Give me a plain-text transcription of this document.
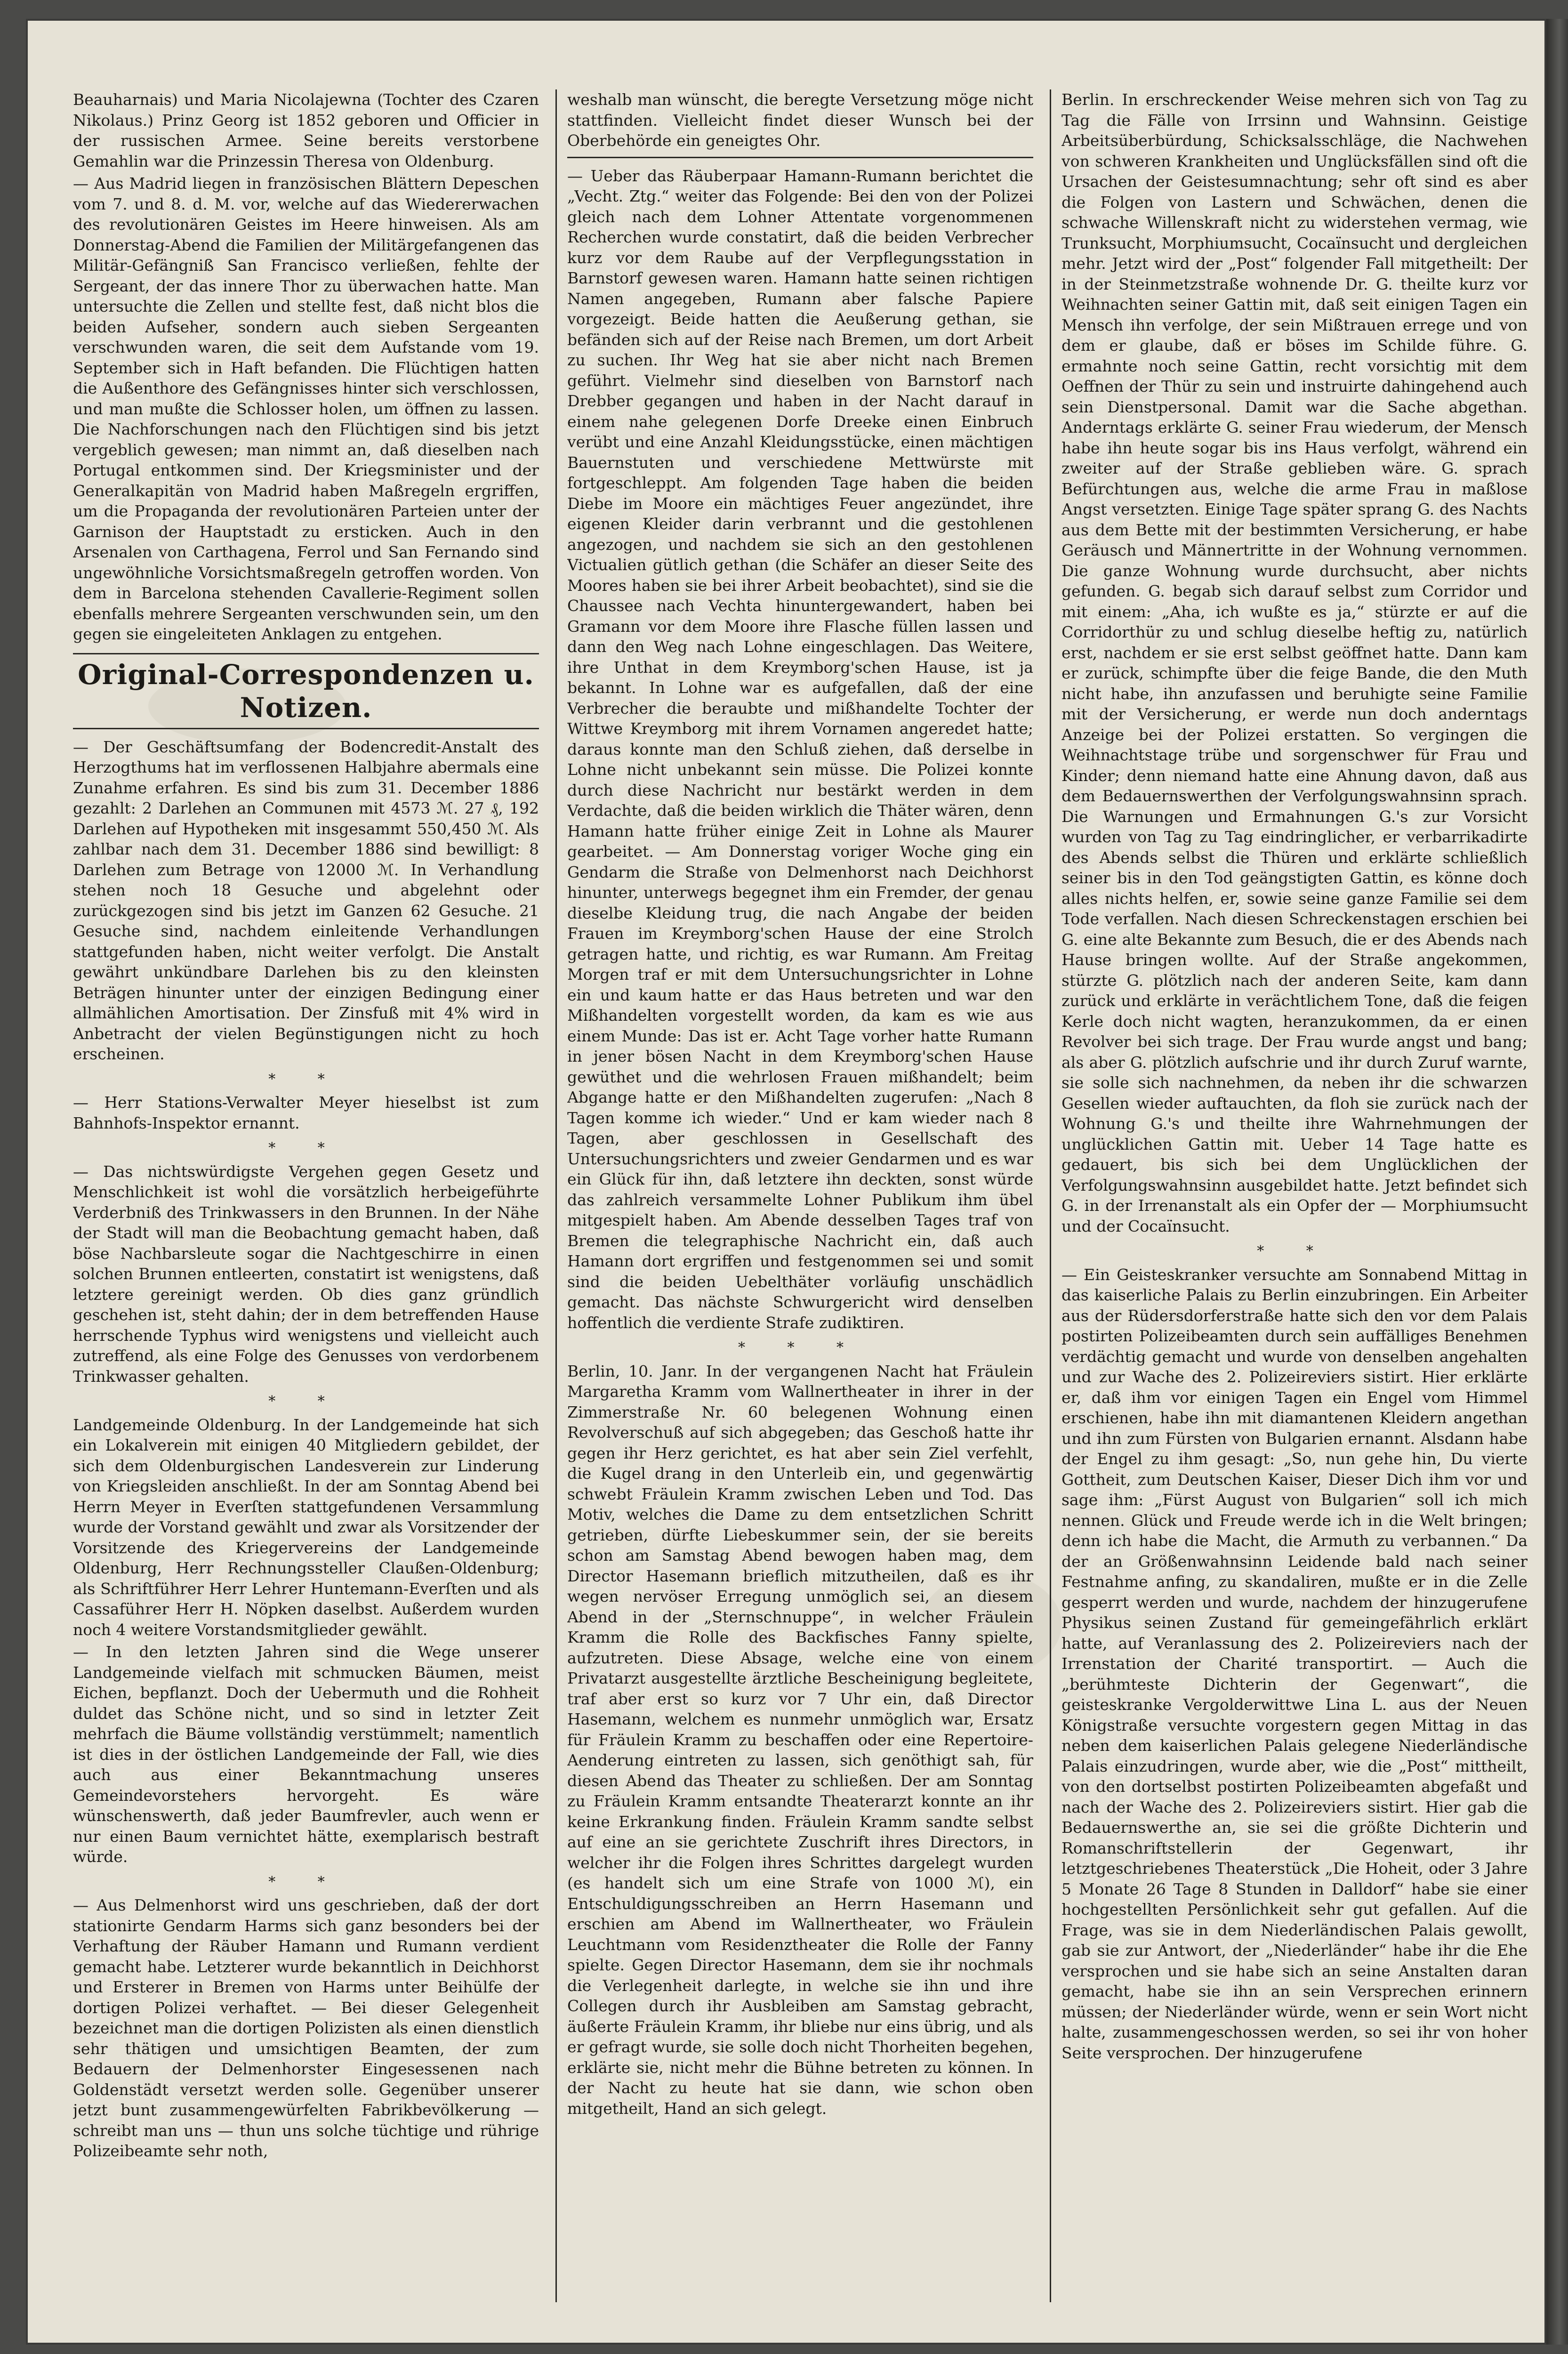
Beauharnais) und Maria Nicolajewna (Tochter des Czaren Nikolaus.) Prinz Georg ist 1852 geboren und Officier in der russischen Armee. Seine bereits verstorbene Gemahlin war die Prinzessin Theresa von Oldenburg.

— Aus Madrid liegen in französischen Blättern Depeschen vom 7. und 8. d. M. vor, welche auf das Wiedererwachen des revolutionären Geistes im Heere hinweisen. Als am Donnerstag-Abend die Familien der Militärgefangenen das Militär-Gefängniß San Francisco verließen, fehlte der Sergeant, der das innere Thor zu überwachen hatte. Man untersuchte die Zellen und stellte fest, daß nicht blos die beiden Aufseher, sondern auch sieben Sergeanten verschwunden waren, die seit dem Aufstande vom 19. September sich in Haft befanden. Die Flüchtigen hatten die Außenthore des Gefängnisses hinter sich verschlossen, und man mußte die Schlosser holen, um öffnen zu lassen. Die Nachforschungen nach den Flüchtigen sind bis jetzt vergeblich gewesen; man nimmt an, daß dieselben nach Portugal entkommen sind. Der Kriegsminister und der Generalkapitän von Madrid haben Maßregeln ergriffen, um die Propaganda der revolutionären Parteien unter der Garnison der Hauptstadt zu ersticken. Auch in den Arsenalen von Carthagena, Ferrol und San Fernando sind ungewöhnliche Vorsichtsmaßregeln getroffen worden. Von dem in Barcelona stehenden Cavallerie-Regiment sollen ebenfalls mehrere Sergeanten verschwunden sein, um den gegen sie eingeleiteten Anklagen zu entgehen.

Original-Correspondenzen u. Notizen.

— Der Geschäftsumfang der Bodencredit-Anstalt des Herzogthums hat im verflossenen Halbjahre abermals eine Zunahme erfahren. Es sind bis zum 31. December 1886 gezahlt: 2 Darlehen an Communen mit 4573 ℳ. 27 ₰, 192 Darlehen auf Hypotheken mit insgesammt 550,450 ℳ. Als zahlbar nach dem 31. December 1886 sind bewilligt: 8 Darlehen zum Betrage von 12000 ℳ. In Verhandlung stehen noch 18 Gesuche und abgelehnt oder zurückgezogen sind bis jetzt im Ganzen 62 Gesuche. 21 Gesuche sind, nachdem einleitende Verhandlungen stattgefunden haben, nicht weiter verfolgt. Die Anstalt gewährt unkündbare Darlehen bis zu den kleinsten Beträgen hinunter unter der einzigen Bedingung einer allmählichen Amortisation. Der Zinsfuß mit 4% wird in Anbetracht der vielen Begünstigungen nicht zu hoch erscheinen.

* *

— Herr Stations-Verwalter Meyer hieselbst ist zum Bahnhofs-Inspektor ernannt.

* *

— Das nichtswürdigste Vergehen gegen Gesetz und Menschlichkeit ist wohl die vorsätzlich herbeigeführte Verderbniß des Trinkwassers in den Brunnen. In der Nähe der Stadt will man die Beobachtung gemacht haben, daß böse Nachbarsleute sogar die Nachtgeschirre in einen solchen Brunnen entleerten, constatirt ist wenigstens, daß letztere gereinigt werden. Ob dies ganz gründlich geschehen ist, steht dahin; der in dem betreffenden Hause herrschende Typhus wird wenigstens und vielleicht auch zutreffend, als eine Folge des Genusses von verdorbenem Trinkwasser gehalten.

* *

Landgemeinde Oldenburg. In der Landgemeinde hat sich ein Lokalverein mit einigen 40 Mitgliedern gebildet, der sich dem Oldenburgischen Landesverein zur Linderung von Kriegsleiden anschließt. In der am Sonntag Abend bei Herrn Meyer in Everſten stattgefundenen Versammlung wurde der Vorstand gewählt und zwar als Vorsitzender der Vorsitzende des Kriegervereins der Landgemeinde Oldenburg, Herr Rechnungssteller Claußen-Oldenburg; als Schriftführer Herr Lehrer Huntemann-Everſten und als Cassaführer Herr H. Nöpken daselbst. Außerdem wurden noch 4 weitere Vorstandsmitglieder gewählt.

— In den letzten Jahren sind die Wege unserer Landgemeinde vielfach mit schmucken Bäumen, meist Eichen, bepflanzt. Doch der Uebermuth und die Rohheit duldet das Schöne nicht, und so sind in letzter Zeit mehrfach die Bäume vollständig verstümmelt; namentlich ist dies in der östlichen Landgemeinde der Fall, wie dies auch aus einer Bekanntmachung unseres Gemeindevorstehers hervorgeht. Es wäre wünschenswerth, daß jeder Baumfrevler, auch wenn er nur einen Baum vernichtet hätte, exemplarisch bestraft würde.

* *

— Aus Delmenhorst wird uns geschrieben, daß der dort stationirte Gendarm Harms sich ganz besonders bei der Verhaftung der Räuber Hamann und Rumann verdient gemacht habe. Letzterer wurde bekanntlich in Deichhorst und Ersterer in Bremen von Harms unter Beihülfe der dortigen Polizei verhaftet. — Bei dieser Gelegenheit bezeichnet man die dortigen Polizisten als einen dienstlich sehr thätigen und umsichtigen Beamten, der zum Bedauern der Delmenhorster Eingesessenen nach Goldenstädt versetzt werden solle. Gegenüber unserer jetzt bunt zusammengewürfelten Fabrikbevölkerung — schreibt man uns — thun uns solche tüchtige und rührige Polizeibeamte sehr noth,

weshalb man wünscht, die beregte Versetzung möge nicht stattfinden. Vielleicht findet dieser Wunsch bei der Oberbehörde ein geneigtes Ohr.

— Ueber das Räuberpaar Hamann-Rumann berichtet die „Vecht. Ztg.“ weiter das Folgende: Bei den von der Polizei gleich nach dem Lohner Attentate vorgenommenen Recherchen wurde constatirt, daß die beiden Verbrecher kurz vor dem Raube auf der Verpflegungsstation in Barnstorf gewesen waren. Hamann hatte seinen richtigen Namen angegeben, Rumann aber falsche Papiere vorgezeigt. Beide hatten die Aeußerung gethan, sie befänden sich auf der Reise nach Bremen, um dort Arbeit zu suchen. Ihr Weg hat sie aber nicht nach Bremen geführt. Vielmehr sind dieselben von Barnstorf nach Drebber gegangen und haben in der Nacht darauf in einem nahe gelegenen Dorfe Dreeke einen Einbruch verübt und eine Anzahl Kleidungsstücke, einen mächtigen Bauernstuten und verschiedene Mettwürste mit fortgeschleppt. Am folgenden Tage haben die beiden Diebe im Moore ein mächtiges Feuer angezündet, ihre eigenen Kleider darin verbrannt und die gestohlenen angezogen, und nachdem sie sich an den gestohlenen Victualien gütlich gethan (die Schäfer an dieser Seite des Moores haben sie bei ihrer Arbeit beobachtet), sind sie die Chaussee nach Vechta hinuntergewandert, haben bei Gramann vor dem Moore ihre Flasche füllen lassen und dann den Weg nach Lohne eingeschlagen. Das Weitere, ihre Unthat in dem Kreymborg'schen Hause, ist ja bekannt. In Lohne war es aufgefallen, daß der eine Verbrecher die beraubte und mißhandelte Tochter der Wittwe Kreymborg mit ihrem Vornamen angeredet hatte; daraus konnte man den Schluß ziehen, daß derselbe in Lohne nicht unbekannt sein müsse. Die Polizei konnte durch diese Nachricht nur bestärkt werden in dem Verdachte, daß die beiden wirklich die Thäter wären, denn Hamann hatte früher einige Zeit in Lohne als Maurer gearbeitet. — Am Donnerstag voriger Woche ging ein Gendarm die Straße von Delmenhorst nach Deichhorst hinunter, unterwegs begegnet ihm ein Fremder, der genau dieselbe Kleidung trug, die nach Angabe der beiden Frauen im Kreymborg'schen Hause der eine Strolch getragen hatte, und richtig, es war Rumann. Am Freitag Morgen traf er mit dem Untersuchungsrichter in Lohne ein und kaum hatte er das Haus betreten und war den Mißhandelten vorgestellt worden, da kam es wie aus einem Munde: Das ist er. Acht Tage vorher hatte Rumann in jener bösen Nacht in dem Kreymborg'schen Hause gewüthet und die wehrlosen Frauen mißhandelt; beim Abgange hatte er den Mißhandelten zugerufen: „Nach 8 Tagen komme ich wieder.“ Und er kam wieder nach 8 Tagen, aber geschlossen in Gesellschaft des Untersuchungsrichters und zweier Gendarmen und es war ein Glück für ihn, daß letztere ihn deckten, sonst würde das zahlreich versammelte Lohner Publikum ihm übel mitgespielt haben. Am Abende desselben Tages traf von Bremen die telegraphische Nachricht ein, daß auch Hamann dort ergriffen und festgenommen sei und somit sind die beiden Uebelthäter vorläufig unschädlich gemacht. Das nächste Schwurgericht wird denselben hoffentlich die verdiente Strafe zudiktiren.

* * *

Berlin, 10. Janr. In der vergangenen Nacht hat Fräulein Margaretha Kramm vom Wallnertheater in ihrer in der Zimmerstraße Nr. 60 belegenen Wohnung einen Revolverschuß auf sich abgegeben; das Geschoß hatte ihr gegen ihr Herz gerichtet, es hat aber sein Ziel verfehlt, die Kugel drang in den Unterleib ein, und gegenwärtig schwebt Fräulein Kramm zwischen Leben und Tod. Das Motiv, welches die Dame zu dem entsetzlichen Schritt getrieben, dürfte Liebeskummer sein, der sie bereits schon am Samstag Abend bewogen haben mag, dem Director Hasemann brieflich mitzutheilen, daß es ihr wegen nervöser Erregung unmöglich sei, an diesem Abend in der „Sternschnuppe“, in welcher Fräulein Kramm die Rolle des Backfisches Fanny spielte, aufzutreten. Diese Absage, welche eine von einem Privatarzt ausgestellte ärztliche Bescheinigung begleitete, traf aber erst so kurz vor 7 Uhr ein, daß Director Hasemann, welchem es nunmehr unmöglich war, Ersatz für Fräulein Kramm zu beschaffen oder eine Repertoire-Aenderung eintreten zu lassen, sich genöthigt sah, für diesen Abend das Theater zu schließen. Der am Sonntag zu Fräulein Kramm entsandte Theaterarzt konnte an ihr keine Erkrankung finden. Fräulein Kramm sandte selbst auf eine an sie gerichtete Zuschrift ihres Directors, in welcher ihr die Folgen ihres Schrittes dargelegt wurden (es handelt sich um eine Strafe von 1000 ℳ), ein Entschuldigungsschreiben an Herrn Hasemann und erschien am Abend im Wallnertheater, wo Fräulein Leuchtmann vom Residenztheater die Rolle der Fanny spielte. Gegen Director Hasemann, dem sie ihr nochmals die Verlegenheit darlegte, in welche sie ihn und ihre Collegen durch ihr Ausbleiben am Samstag gebracht, äußerte Fräulein Kramm, ihr bliebe nur eins übrig, und als er gefragt wurde, sie solle doch nicht Thorheiten begehen, erklärte sie, nicht mehr die Bühne betreten zu können. In der Nacht zu heute hat sie dann, wie schon oben mitgetheilt, Hand an sich gelegt.

Berlin. In erschreckender Weise mehren sich von Tag zu Tag die Fälle von Irrsinn und Wahnsinn. Geistige Arbeitsüberbürdung, Schicksalsschläge, die Nachwehen von schweren Krankheiten und Unglücksfällen sind oft die Ursachen der Geistesumnachtung; sehr oft sind es aber die Folgen von Lastern und Schwächen, denen die schwache Willenskraft nicht zu widerstehen vermag, wie Trunksucht, Morphiumsucht, Cocaïnsucht und dergleichen mehr. Jetzt wird der „Post“ folgender Fall mitgetheilt: Der in der Steinmetzstraße wohnende Dr. G. theilte kurz vor Weihnachten seiner Gattin mit, daß seit einigen Tagen ein Mensch ihn verfolge, der sein Mißtrauen errege und von dem er glaube, daß er böses im Schilde führe. G. ermahnte noch seine Gattin, recht vorsichtig mit dem Oeffnen der Thür zu sein und instruirte dahingehend auch sein Dienstpersonal. Damit war die Sache abgethan. Anderntags erklärte G. seiner Frau wiederum, der Mensch habe ihn heute sogar bis ins Haus verfolgt, während ein zweiter auf der Straße geblieben wäre. G. sprach Befürchtungen aus, welche die arme Frau in maßlose Angst versetzten. Einige Tage später sprang G. des Nachts aus dem Bette mit der bestimmten Versicherung, er habe Geräusch und Männertritte in der Wohnung vernommen. Die ganze Wohnung wurde durchsucht, aber nichts gefunden. G. begab sich darauf selbst zum Corridor und mit einem: „Aha, ich wußte es ja,“ stürzte er auf die Corridorthür zu und schlug dieselbe heftig zu, natürlich erst, nachdem er sie erst selbst geöffnet hatte. Dann kam er zurück, schimpfte über die feige Bande, die den Muth nicht habe, ihn anzufassen und beruhigte seine Familie mit der Versicherung, er werde nun doch anderntags Anzeige bei der Polizei erstatten. So vergingen die Weihnachtstage trübe und sorgenschwer für Frau und Kinder; denn niemand hatte eine Ahnung davon, daß aus dem Bedauernswerthen der Verfolgungswahnsinn sprach. Die Warnungen und Ermahnungen G.'s zur Vorsicht wurden von Tag zu Tag eindringlicher, er verbarrikadirte des Abends selbst die Thüren und erklärte schließlich seiner bis in den Tod geängstigten Gattin, es könne doch alles nichts helfen, er, sowie seine ganze Familie sei dem Tode verfallen. Nach diesen Schreckenstagen erschien bei G. eine alte Bekannte zum Besuch, die er des Abends nach Hause bringen wollte. Auf der Straße angekommen, stürzte G. plötzlich nach der anderen Seite, kam dann zurück und erklärte in verächtlichem Tone, daß die feigen Kerle doch nicht wagten, heranzukommen, da er einen Revolver bei sich trage. Der Frau wurde angst und bang; als aber G. plötzlich aufschrie und ihr durch Zuruf warnte, sie solle sich nachnehmen, da neben ihr die schwarzen Gesellen wieder auftauchten, da floh sie zurück nach der Wohnung G.'s und theilte ihre Wahrnehmungen der unglücklichen Gattin mit. Ueber 14 Tage hatte es gedauert, bis sich bei dem Unglücklichen der Verfolgungswahnsinn ausgebildet hatte. Jetzt befindet sich G. in der Irrenanstalt als ein Opfer der — Morphiumsucht und der Cocaïnsucht.

* *

— Ein Geisteskranker versuchte am Sonnabend Mittag in das kaiserliche Palais zu Berlin einzubringen. Ein Arbeiter aus der Rüdersdorferstraße hatte sich den vor dem Palais postirten Polizeibeamten durch sein auffälliges Benehmen verdächtig gemacht und wurde von denselben angehalten und zur Wache des 2. Polizeireviers sistirt. Hier erklärte er, daß ihm vor einigen Tagen ein Engel vom Himmel erschienen, habe ihn mit diamantenen Kleidern angethan und ihn zum Fürsten von Bulgarien ernannt. Alsdann habe der Engel zu ihm gesagt: „So, nun gehe hin, Du vierte Gottheit, zum Deutschen Kaiser, Dieser Dich ihm vor und sage ihm: „Fürst August von Bulgarien“ soll ich mich nennen. Glück und Freude werde ich in die Welt bringen; denn ich habe die Macht, die Armuth zu verbannen.“ Da der an Größenwahnsinn Leidende bald nach seiner Festnahme anfing, zu skandaliren, mußte er in die Zelle gesperrt werden und wurde, nachdem der hinzugerufene Physikus seinen Zustand für gemeingefährlich erklärt hatte, auf Veranlassung des 2. Polizeireviers nach der Irrenstation der Charité transportirt. — Auch die „berühmteste Dichterin der Gegenwart“, die geisteskranke Vergolderwittwe Lina L. aus der Neuen Königstraße versuchte vorgestern gegen Mittag in das neben dem kaiserlichen Palais gelegene Niederländische Palais einzudringen, wurde aber, wie die „Post“ mittheilt, von den dortselbst postirten Polizeibeamten abgefaßt und nach der Wache des 2. Polizeireviers sistirt. Hier gab die Bedauernswerthe an, sie sei die größte Dichterin und Romanschriftstellerin der Gegenwart, ihr letztgeschriebenes Theaterstück „Die Hoheit, oder 3 Jahre 5 Monate 26 Tage 8 Stunden in Dalldorf“ habe sie einer hochgestellten Persönlichkeit sehr gut gefallen. Auf die Frage, was sie in dem Niederländischen Palais gewollt, gab sie zur Antwort, der „Niederländer“ habe ihr die Ehe versprochen und sie habe sich an seine Anstalten daran gemacht, habe sie ihn an sein Versprechen erinnern müssen; der Niederländer würde, wenn er sein Wort nicht halte, zusammengeschossen werden, so sei ihr von hoher Seite versprochen. Der hinzugerufene
